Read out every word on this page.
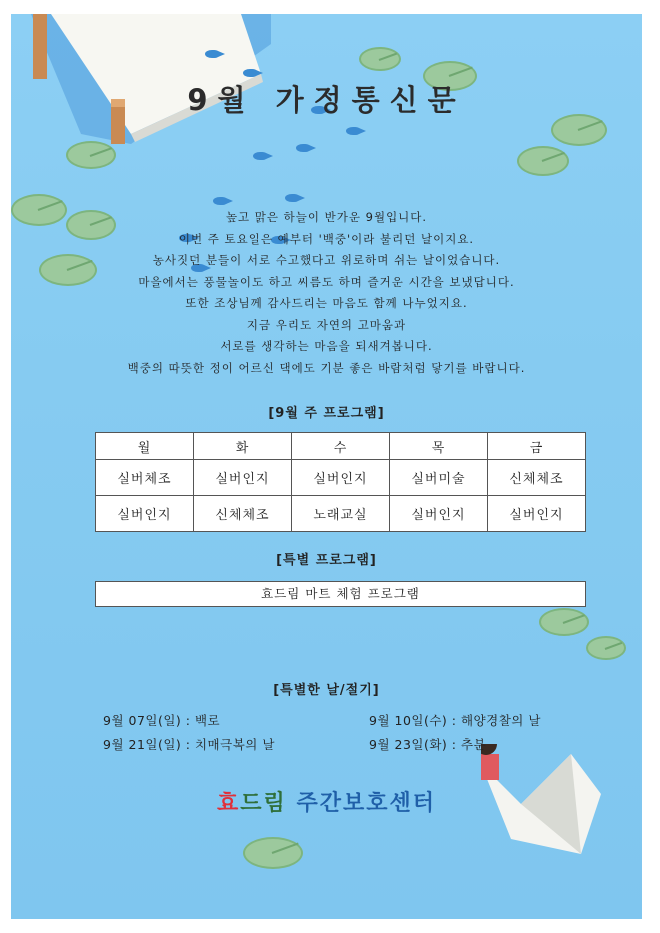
9월 가정통신문
높고 맑은 하늘이 반가운 9월입니다.
이번 주 토요일은 예부터 '백중'이라 불리던 날이지요.
농사짓던 분들이 서로 수고했다고 위로하며 쉬는 날이었습니다.
마을에서는 풍물놀이도 하고 씨름도 하며 즐거운 시간을 보냈답니다.
또한 조상님께 감사드리는 마음도 함께 나누었지요.
지금 우리도 자연의 고마움과
서로를 생각하는 마음을 되새겨봅니다.
백중의 따뜻한 정이 어르신 댁에도 기분 좋은 바람처럼 닿기를 바랍니다.
[9월 주 프로그램]
월	화	수	목	금
실버체조	실버인지	실버인지	실버미술	신체체조
실버인지	신체체조	노래교실	실버인지	실버인지
[특별 프로그램]
효드림 마트 체험 프로그램
[특별한 날/절기]
9월 07일(일) : 백로
9월 21일(일) : 치매극복의 날
9월 10일(수) : 해양경찰의 날
9월 23일(화) : 추분
효드림 주간보호센터
